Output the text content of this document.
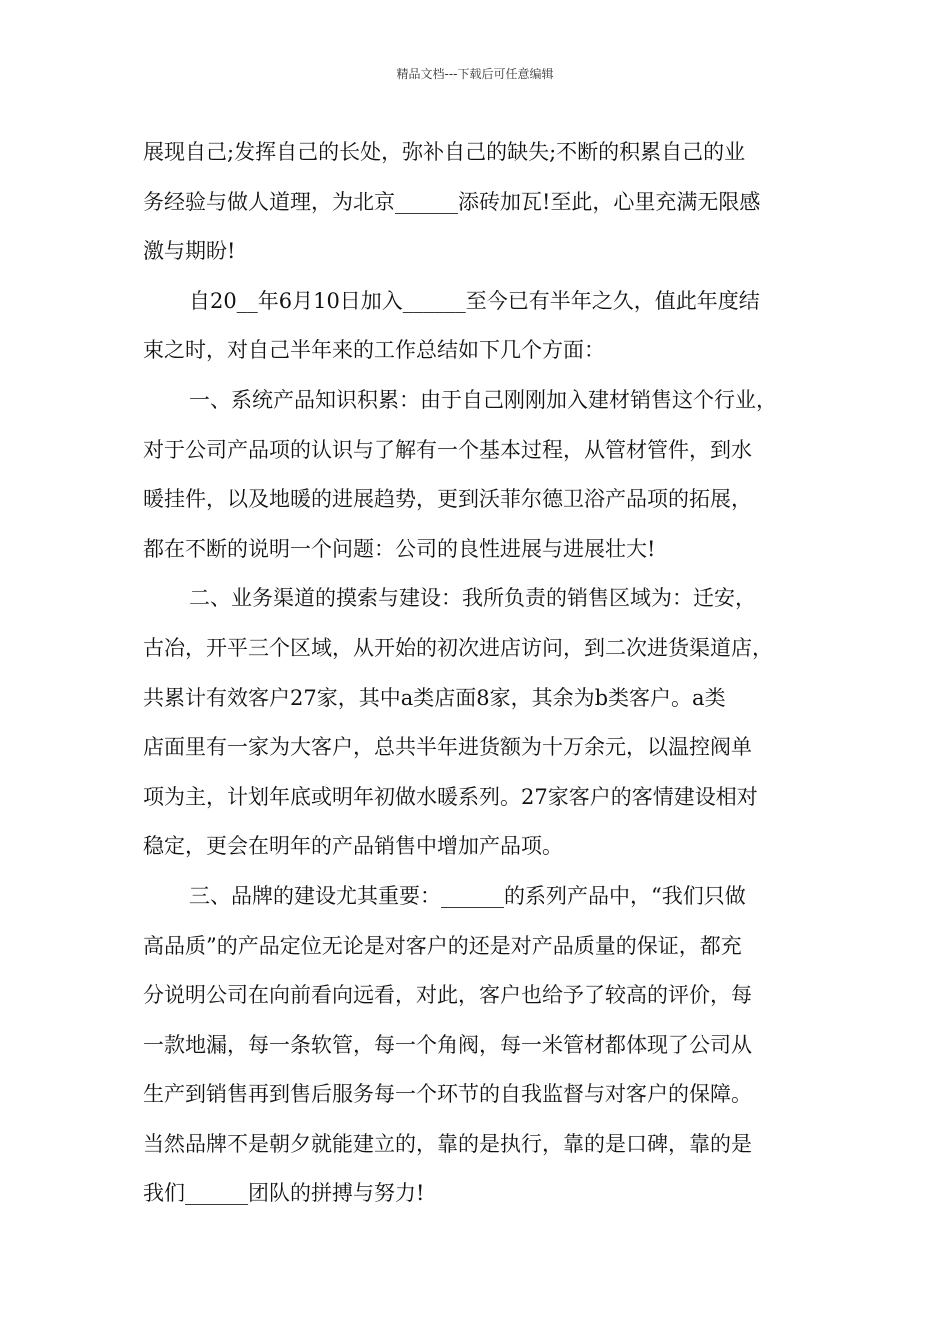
精品文档---下载后可任意编辑
展现自己;发挥自己的长处，弥补自己的缺失;不断的积累自己的业
务经验与做人道理，为北京______添砖加瓦!至此，心里充满无限感
激与期盼!
自20__年6月10日加入______至今已有半年之久，值此年度结
束之时，对自己半年来的工作总结如下几个方面：
一、系统产品知识积累：由于自己刚刚加入建材销售这个行业，
对于公司产品项的认识与了解有一个基本过程，从管材管件，到水
暖挂件，以及地暖的进展趋势，更到沃菲尔德卫浴产品项的拓展，
都在不断的说明一个问题：公司的良性进展与进展壮大!
二、业务渠道的摸索与建设：我所负责的销售区域为：迁安，
古冶，开平三个区域，从开始的初次进店访问，到二次进货渠道店，
共累计有效客户27家，其中a类店面8家，其余为b类客户。a类
店面里有一家为大客户，总共半年进货额为十万余元，以温控阀单
项为主，计划年底或明年初做水暖系列。27家客户的客情建设相对
稳定，更会在明年的产品销售中增加产品项。
三、品牌的建设尤其重要：______的系列产品中，“我们只做
高品质”的产品定位无论是对客户的还是对产品质量的保证，都充
分说明公司在向前看向远看，对此，客户也给予了较高的评价，每
一款地漏，每一条软管，每一个角阀，每一米管材都体现了公司从
生产到销售再到售后服务每一个环节的自我监督与对客户的保障。
当然品牌不是朝夕就能建立的，靠的是执行，靠的是口碑，靠的是
我们______团队的拼搏与努力!
